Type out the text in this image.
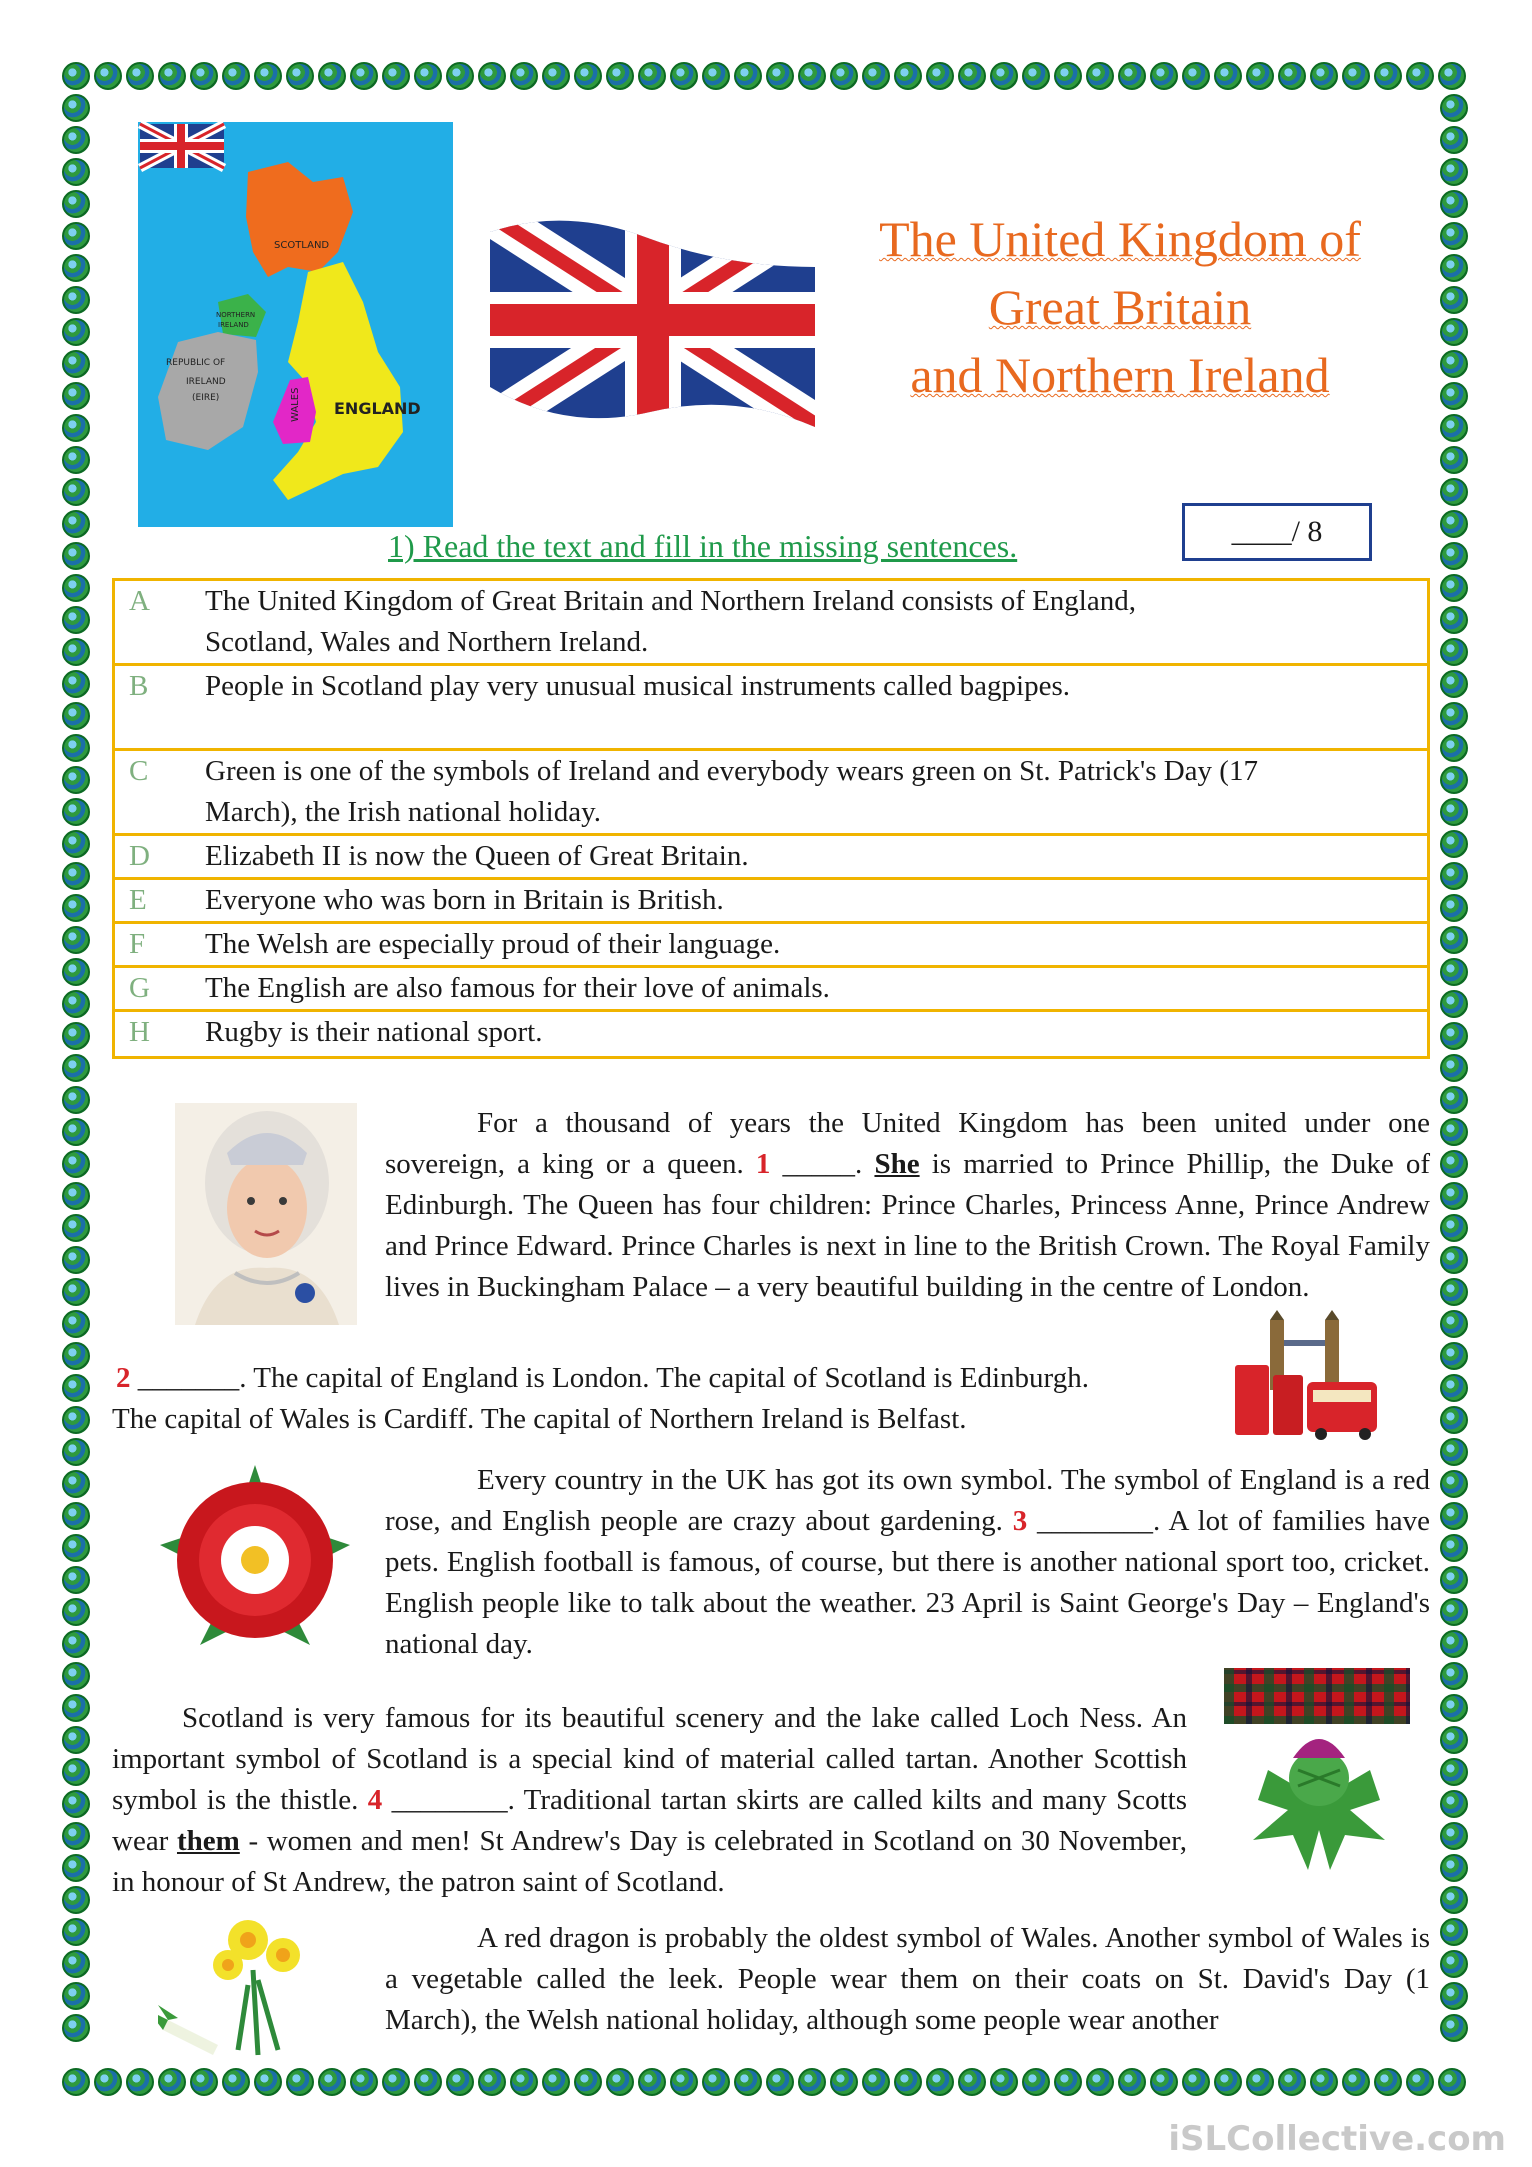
SCOTLAND
NORTHERN
IRELAND
REPUBLIC OF
IRELAND
(EIRE)	WALES ENGLAND
The United Kingdom of
Great Britain
and Northern Ireland
1) Read the text and fill in the missing sentences.	____/ 8
A	The United Kingdom of Great Britain and Northern Ireland consists of England, Scotland, Wales and Northern Ireland.
B	People in Scotland play very unusual musical instruments called bagpipes.
C	Green is one of the symbols of Ireland and everybody wears green on St. Patrick's Day (17 March), the Irish national holiday.
D	Elizabeth II is now the Queen of Great Britain.
E	Everyone who was born in Britain is British.
F	The Welsh are especially proud of their language.
G	The English are also famous for their love of animals.
H	Rugby is their national sport.
For a thousand of years the United Kingdom has been united under one sovereign, a king or a queen. 1 _____. She is married to Prince Phillip, the Duke of Edinburgh. The Queen has four children: Prince Charles, Princess Anne, Prince Andrew and Prince Edward. Prince Charles is next in line to the British Crown. The Royal Family lives in Buckingham Palace – a very beautiful building in the centre of London.
2 _______. The capital of England is London. The capital of Scotland is Edinburgh.
The capital of Wales is Cardiff. The capital of Northern Ireland is Belfast.
Every country in the UK has got its own symbol. The symbol of England is a red rose, and English people are crazy about gardening. 3 ________. A lot of families have pets. English football is famous, of course, but there is another national sport too, cricket. English people like to talk about the weather. 23 April is Saint George's Day – England's national day.
Scotland is very famous for its beautiful scenery and the lake called Loch Ness. An important symbol of Scotland is a special kind of material called tartan. Another Scottish symbol is the thistle. 4 ________. Traditional tartan skirts are called kilts and many Scotts wear them - women and men! St Andrew's Day is celebrated in Scotland on 30 November, in honour of St Andrew, the patron saint of Scotland.
A red dragon is probably the oldest symbol of Wales. Another symbol of Wales is a vegetable called the leek. People wear them on their coats on St. David's Day (1 March), the Welsh national holiday, although some people wear another
iSLCollective.com
